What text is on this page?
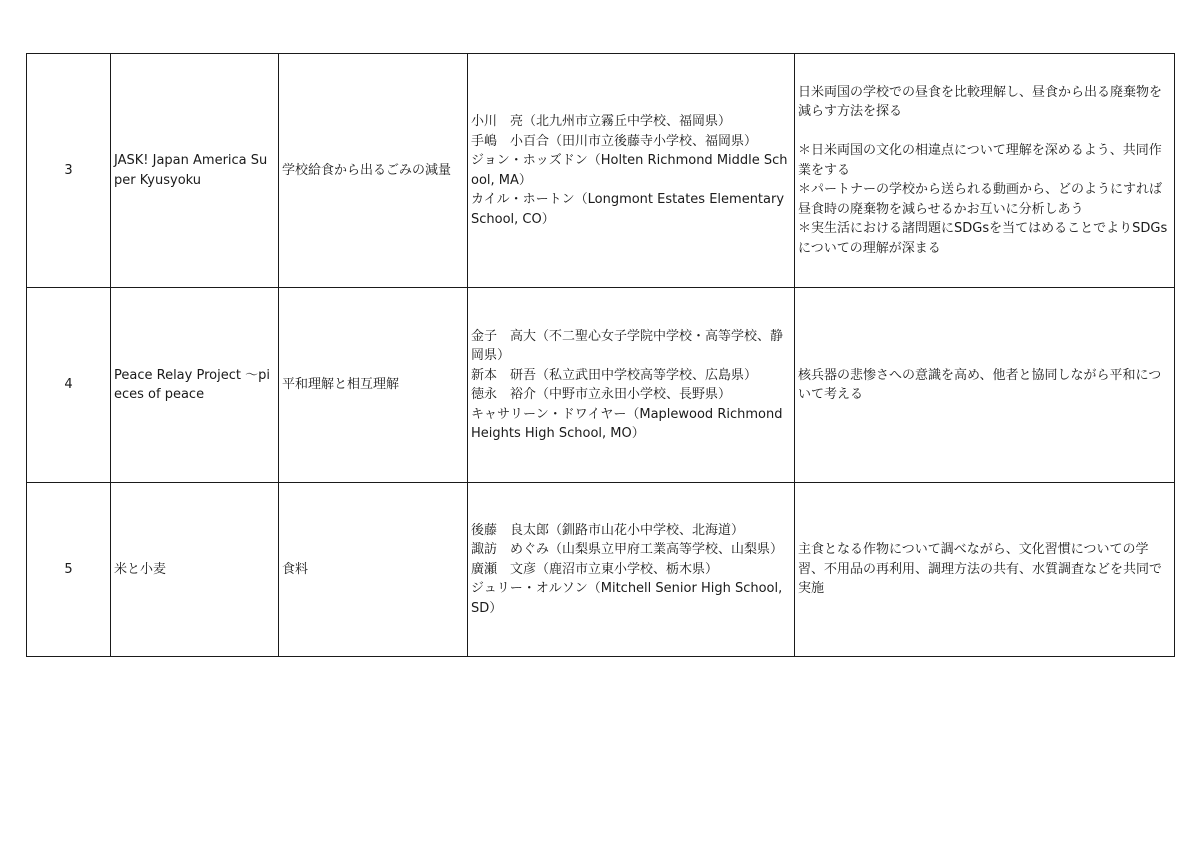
3	JASK! Japan America Super Kyusyoku	学校給食から出るごみの減量	小川　亮（北九州市立霧丘中学校、福岡県）
手嶋　小百合（田川市立後藤寺小学校、福岡県）
ジョン・ホッズドン（Holten Richmond Middle School, MA）
カイル・ホートン（Longmont Estates Elementary School, CO）	日米両国の学校での昼食を比較理解し、昼食から出る廃棄物を減らす方法を探る
＊日米両国の文化の相違点について理解を深めるよう、共同作業をする
＊パートナーの学校から送られる動画から、どのようにすれば昼食時の廃棄物を減らせるかお互いに分析しあう
＊実生活における諸問題にSDGsを当てはめることでよりSDGsについての理解が深まる

4	Peace Relay Project ～pieces of peace	平和理解と相互理解	金子　高大（不二聖心女子学院中学校・高等学校、静岡県）
新本　研吾（私立武田中学校高等学校、広島県）
徳永　裕介（中野市立永田小学校、長野県）
キャサリーン・ドワイヤー（Maplewood Richmond Heights High School, MO）	核兵器の悲惨さへの意識を高め、他者と協同しながら平和について考える

5	米と小麦	食料	後藤　良太郎（釧路市山花小中学校、北海道）
諏訪　めぐみ（山梨県立甲府工業高等学校、山梨県）
廣瀬　文彦（鹿沼市立東小学校、栃木県）
ジュリー・オルソン（Mitchell Senior High School, SD）	主食となる作物について調べながら、文化習慣についての学習、不用品の再利用、調理方法の共有、水質調査などを共同で実施
